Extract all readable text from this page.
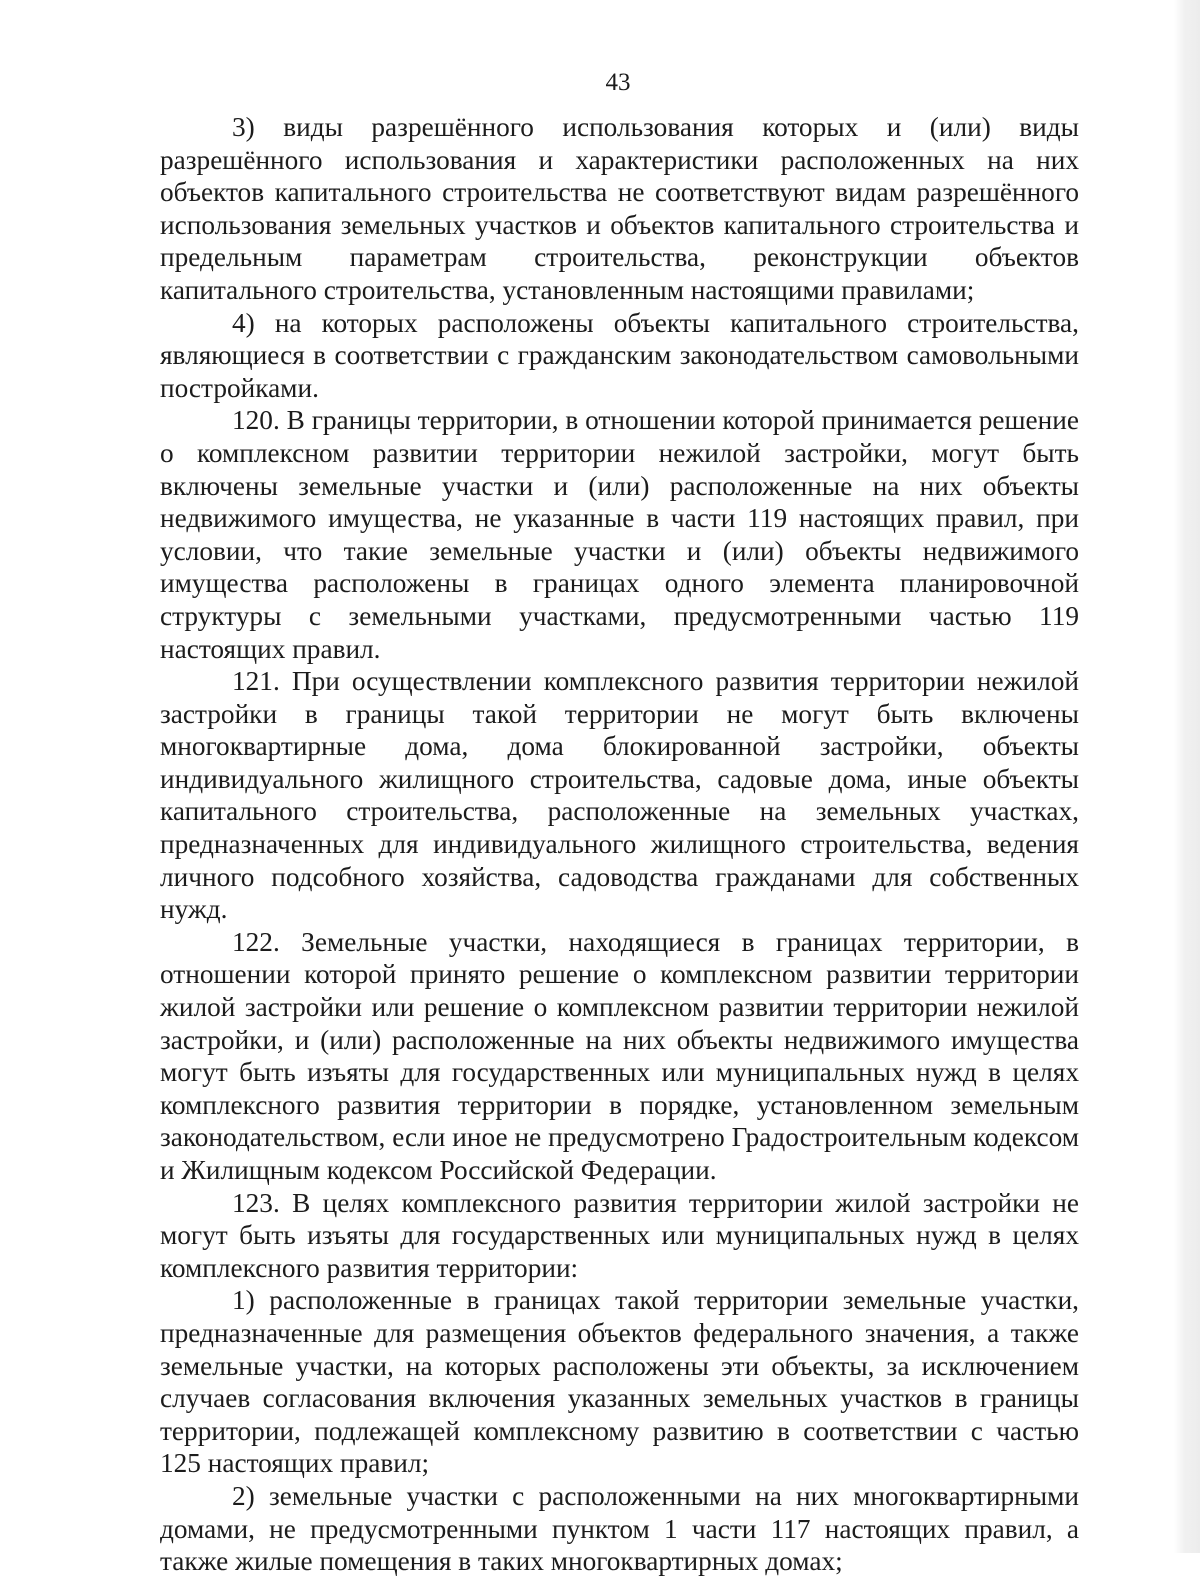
43

3) виды разрешённого использования которых и (или) виды разрешённого использования и характеристики расположенных на них объектов капитального строительства не соответствуют видам разрешённого использования земельных участков и объектов капитального строительства и предельным параметрам строительства, реконструкции объектов капитального строительства, установленным настоящими правилами;

4) на которых расположены объекты капитального строительства, являющиеся в соответствии с гражданским законодательством самовольными постройками.

120. В границы территории, в отношении которой принимается решение о комплексном развитии территории нежилой застройки, могут быть включены земельные участки и (или) расположенные на них объекты недвижимого имущества, не указанные в части 119 настоящих правил, при условии, что такие земельные участки и (или) объекты недвижимого имущества расположены в границах одного элемента планировочной структуры с земельными участками, предусмотренными частью 119 настоящих правил.

121. При осуществлении комплексного развития территории нежилой застройки в границы такой территории не могут быть включены многоквартирные дома, дома блокированной застройки, объекты индивидуального жилищного строительства, садовые дома, иные объекты капитального строительства, расположенные на земельных участках, предназначенных для индивидуального жилищного строительства, ведения личного подсобного хозяйства, садоводства гражданами для собственных нужд.

122. Земельные участки, находящиеся в границах территории, в отношении которой принято решение о комплексном развитии территории жилой застройки или решение о комплексном развитии территории нежилой застройки, и (или) расположенные на них объекты недвижимого имущества могут быть изъяты для государственных или муниципальных нужд в целях комплексного развития территории в порядке, установленном земельным законодательством, если иное не предусмотрено Градостроительным кодексом и Жилищным кодексом Российской Федерации.

123. В целях комплексного развития территории жилой застройки не могут быть изъяты для государственных или муниципальных нужд в целях комплексного развития территории:

1) расположенные в границах такой территории земельные участки, предназначенные для размещения объектов федерального значения, а также земельные участки, на которых расположены эти объекты, за исключением случаев согласования включения указанных земельных участков в границы территории, подлежащей комплексному развитию в соответствии с частью 125 настоящих правил;

2) земельные участки с расположенными на них многоквартирными домами, не предусмотренными пунктом 1 части 117 настоящих правил, а также жилые помещения в таких многоквартирных домах;
